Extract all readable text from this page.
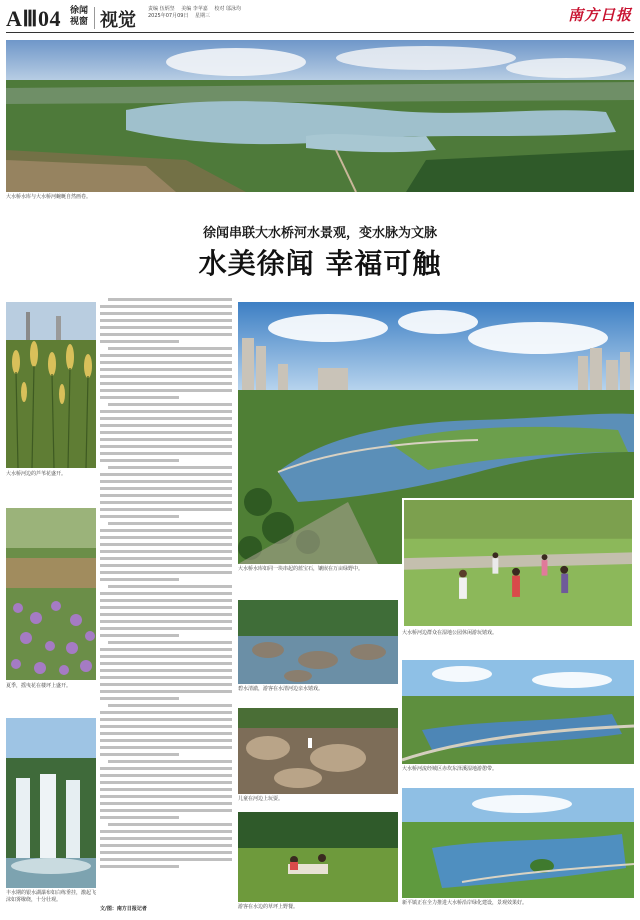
AⅢ04 徐闻
视窗 视觉
责编 伍炳坚 美编 李苹嘉 校对 邬泳均
2025年07月09日 星期三	南方日报
大水桥水库与大水桥河蜿蜒自然画卷。
徐闻串联大水桥河水景观，变水脉为文脉
水美徐闻 幸福可触
大水桥河边的芦苇花盛开。
夏季，摇曳花在楼坪上盛开。
丰水期的银水湖瀑布如白练垂挂，激起飞沫如雾缭绕，十分壮观。
文/图：南方日报记者
大水桥水库如同一块串起的蓝宝石，镶嵌在万亩绿野中。
大水桥河边群众在湿地公园休闲游玩嬉戏。
碧水清澈，游客在水清河边亲水嬉戏。
儿童在河边上玩耍。
游客在水边的草坪上野餐。
大水桥河流经城区赤坎东泽溪湿地游憩带。
新平镇正在全力推进大水桥沿岸绿化建设，景观效果好。
